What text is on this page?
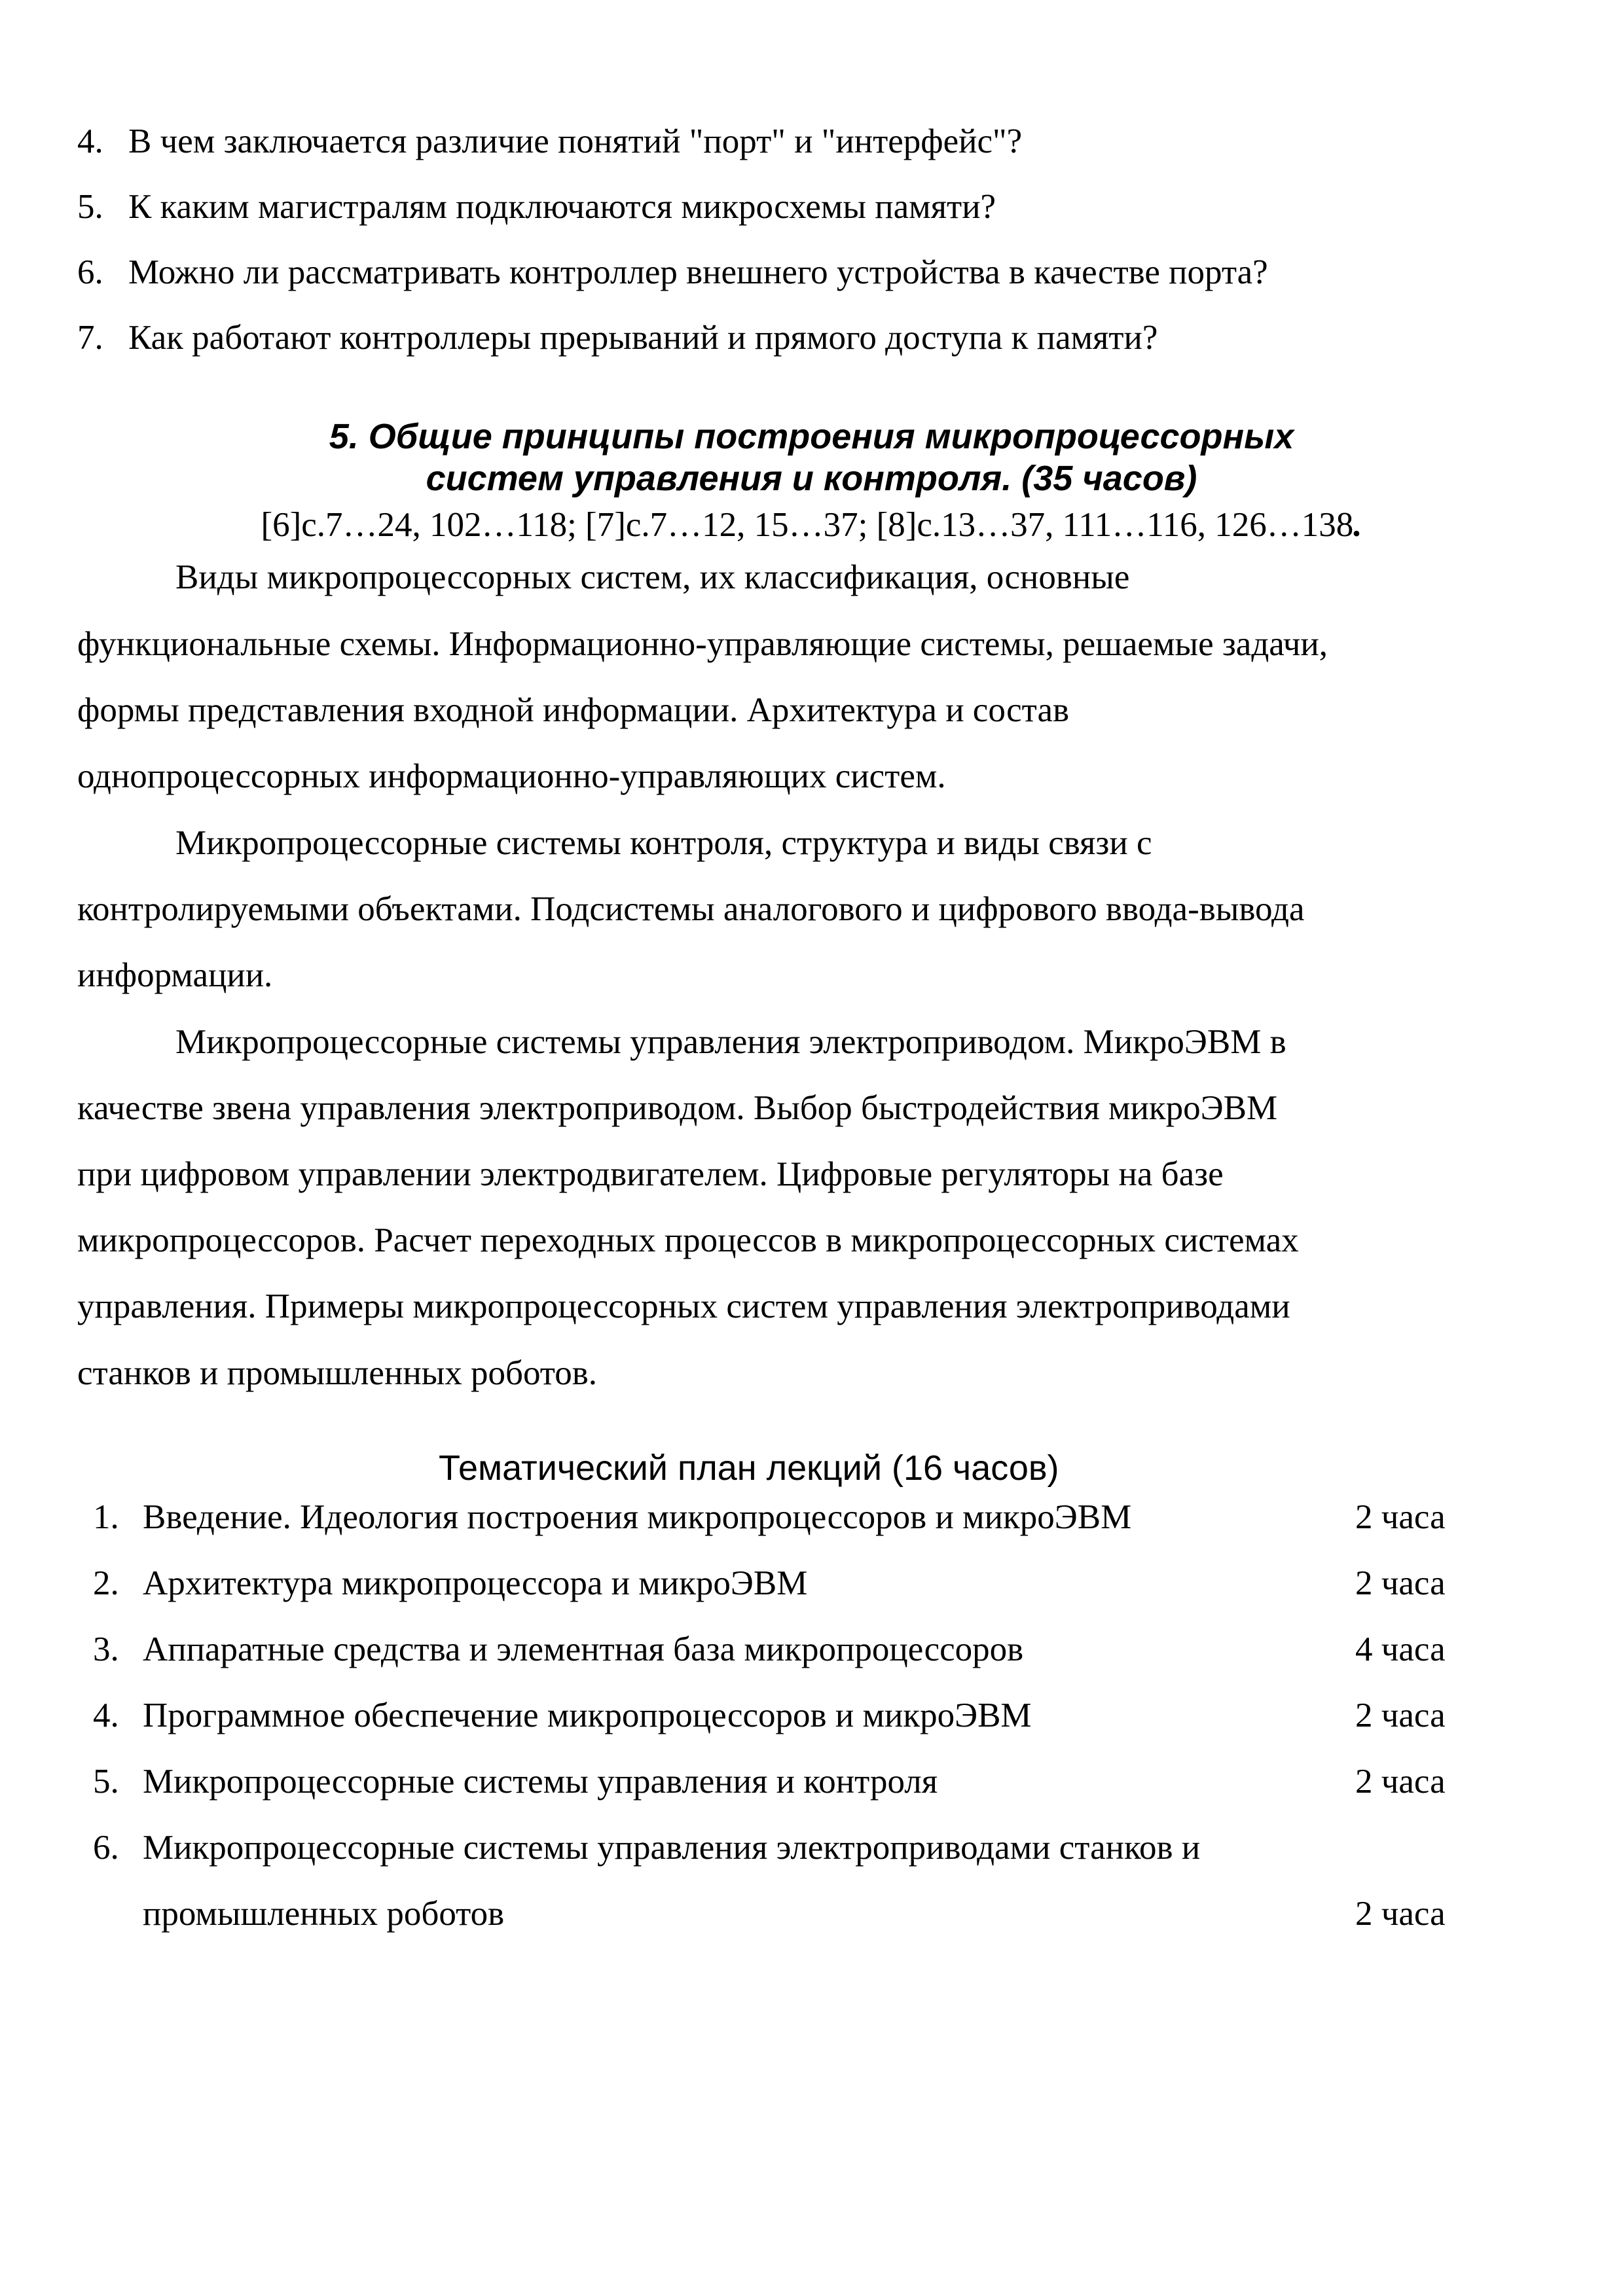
4. В чем заключается различие понятий "порт" и "интерфейс"?
5. К каким магистралям подключаются микросхемы памяти?
6. Можно ли рассматривать контроллер внешнего устройства в качестве порта?
7. Как работают контроллеры прерываний и прямого доступа к памяти?
5. Общие принципы построения микропроцессорных
систем управления и контроля. (35 часов)
[6]с.7…24, 102…118; [7]с.7…12, 15…37; [8]с.13…37, 111…116, 126…138.
Виды микропроцессорных систем, их классификация, основные
функциональные схемы. Информационно-управляющие системы, решаемые задачи,
формы представления входной информации. Архитектура и состав
однопроцессорных информационно-управляющих систем.
Микропроцессорные системы контроля, структура и виды связи с
контролируемыми объектами. Подсистемы аналогового и цифрового ввода-вывода
информации.
Микропроцессорные системы управления электроприводом. МикроЭВМ в
качестве звена управления электроприводом. Выбор быстродействия микроЭВМ
при цифровом управлении электродвигателем. Цифровые регуляторы на базе
микропроцессоров. Расчет переходных процессов в микропроцессорных системах
управления. Примеры микропроцессорных систем управления электроприводами
станков и промышленных роботов.
Тематический план лекций (16 часов)
1. Введение. Идеология построения микропроцессоров и микроЭВМ	2 часа
2. Архитектура микропроцессора и микроЭВМ	2 часа
3. Аппаратные средства и элементная база микропроцессоров	4 часа
4. Программное обеспечение микропроцессоров и микроЭВМ	2 часа
5. Микропроцессорные системы управления и контроля	2 часа
6. Микропроцессорные системы управления электроприводами станков и
промышленных роботов	2 часа
